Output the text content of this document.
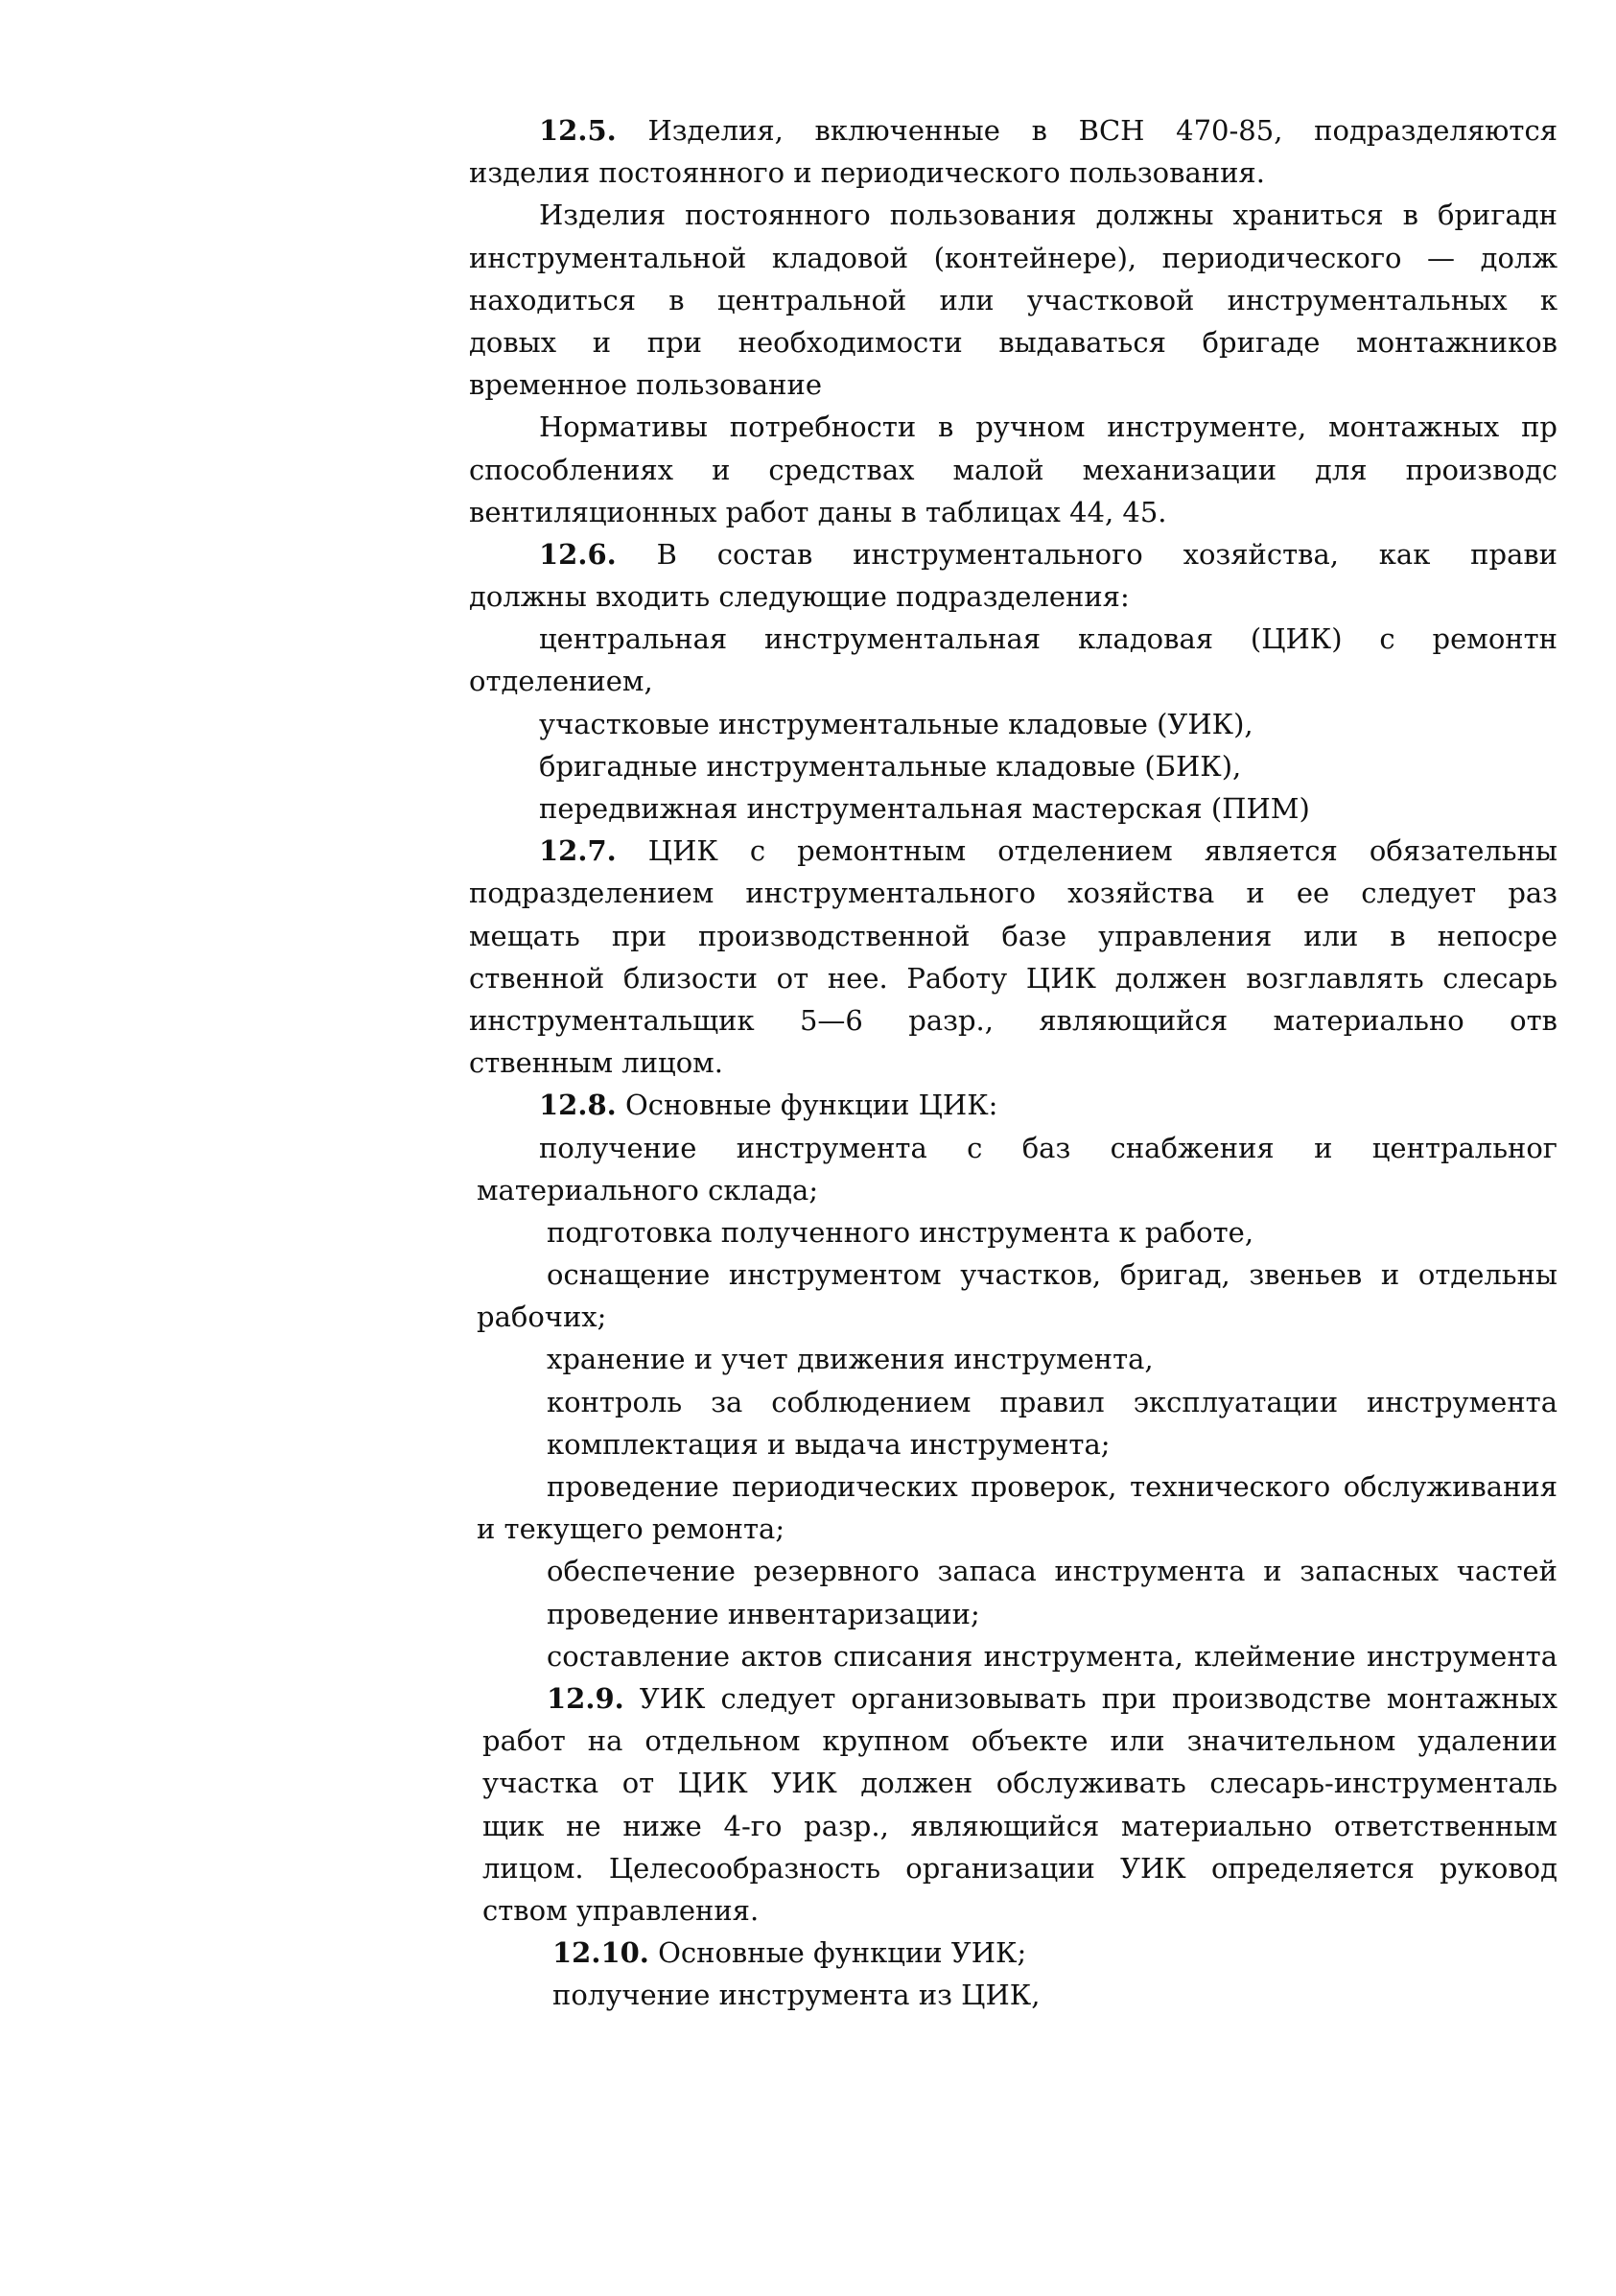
12.5. Изделия, включенные в ВСН 470-85, подразделяются
изделия постоянного и периодического пользования.
Изделия постоянного пользования должны храниться в бригадн
инструментальной кладовой (контейнере), периодического — долж
находиться в центральной или участковой инструментальных к
довых и при необходимости выдаваться бригаде монтажников
временное пользование
Нормативы потребности в ручном инструменте, монтажных пр
способлениях и средствах малой механизации для производс
вентиляционных работ даны в таблицах 44, 45.
12.6. В состав инструментального хозяйства, как прави
должны входить следующие подразделения:
центральная инструментальная кладовая (ЦИК) с ремонтн
отделением,
участковые инструментальные кладовые (УИК),
бригадные инструментальные кладовые (БИК),
передвижная инструментальная мастерская (ПИМ)
12.7. ЦИК с ремонтным отделением является обязательны
подразделением инструментального хозяйства и ее следует раз
мещать при производственной базе управления или в непосре
ственной близости от нее. Работу ЦИК должен возглавлять слесарь
инструментальщик 5—6 разр., являющийся материально отв
ственным лицом.
12.8. Основные функции ЦИК:
получение инструмента с баз снабжения и центральног
материального склада;
подготовка полученного инструмента к работе,
оснащение инструментом участков, бригад, звеньев и отдельны
рабочих;
хранение и учет движения инструмента,
контроль за соблюдением правил эксплуатации инструмента
комплектация и выдача инструмента;
проведение периодических проверок, технического обслуживания
и текущего ремонта;
обеспечение резервного запаса инструмента и запасных частей
проведение инвентаризации;
составление актов списания инструмента, клеймение инструмента
12.9. УИК следует организовывать при производстве монтажных
работ на отдельном крупном объекте или значительном удалении
участка от ЦИК УИК должен обслуживать слесарь-инструменталь
щик не ниже 4-го разр., являющийся материально ответственным
лицом. Целесообразность организации УИК определяется руковод
ством управления.
12.10. Основные функции УИК;
получение инструмента из ЦИК,
